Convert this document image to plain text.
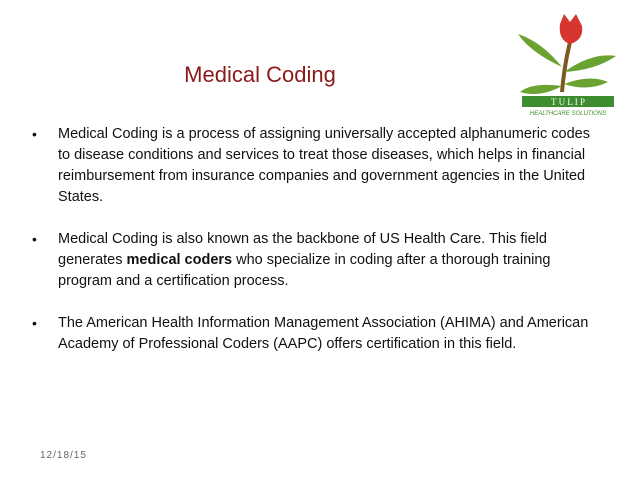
Medical Coding
T U L I P
HEALTHCARE SOLUTIONS
• Medical Coding is a process of assigning universally accepted alphanumeric codes to disease conditions and services to treat those diseases, which helps in financial reimbursement from insurance companies and government agencies in the United States.
• Medical Coding is also known as the backbone of US Health Care. This field generates medical coders who specialize in coding after a thorough training program and a certification process.
• The American Health Information Management Association (AHIMA) and American Academy of Professional Coders (AAPC) offers certification in this field.
12/18/15
